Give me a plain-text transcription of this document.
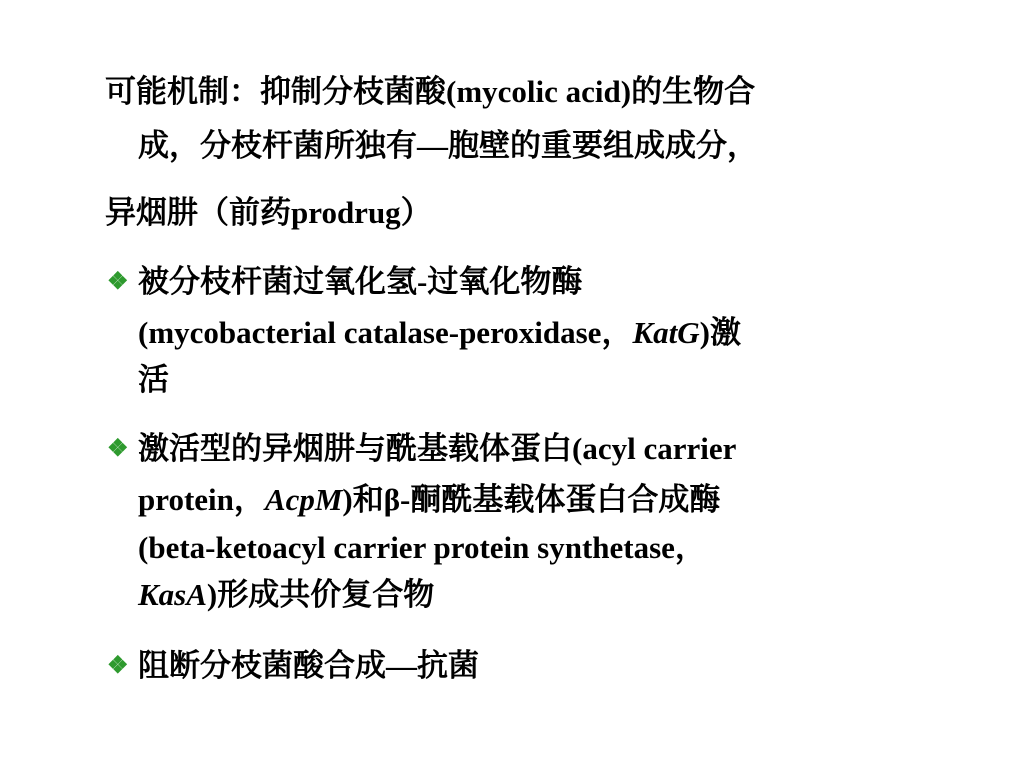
可能机制：抑制分枝菌酸(mycolic acid)的生物合
成，分枝杆菌所独有—胞壁的重要组成成分，
异烟肼（前药prodrug）
❖ 被分枝杆菌过氧化氢-过氧化物酶
(mycobacterial catalase-peroxidase，KatG)激
活
❖ 激活型的异烟肼与酰基载体蛋白(acyl carrier
protein，AcpM)和β-酮酰基载体蛋白合成酶
(beta-ketoacyl carrier protein synthetase，
KasA)形成共价复合物
❖ 阻断分枝菌酸合成—抗菌
